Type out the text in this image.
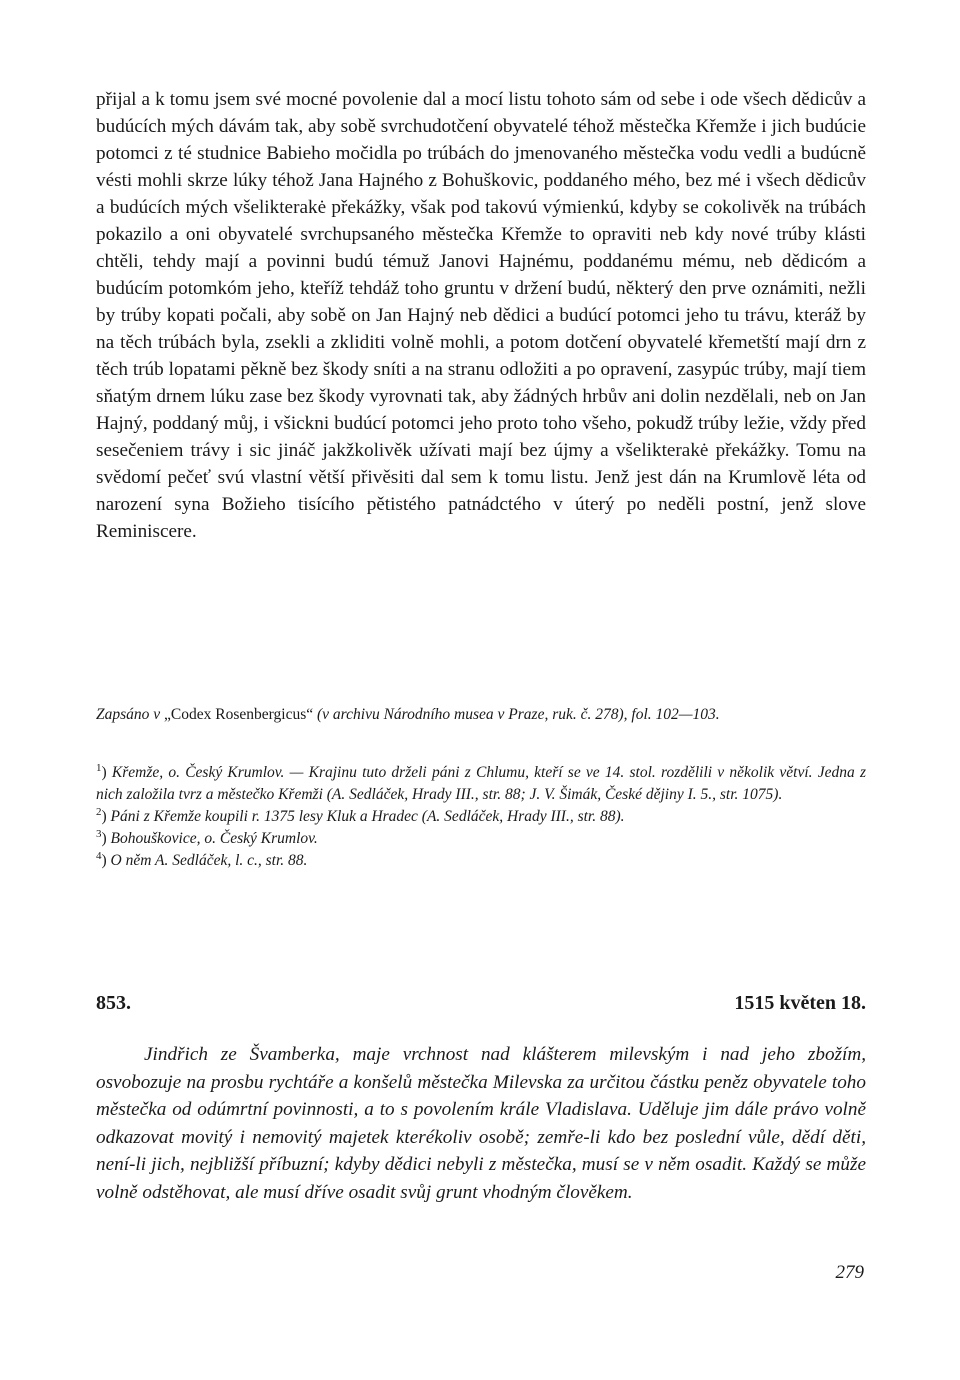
přijal a k tomu jsem své mocné povolenie dal a mocí listu tohoto sám od sebe i ode všech dědicův a budúcích mých dávám tak, aby sobě svrchudotčení obyvatelé téhož městečka Křemže i jich budúcie potomci z té studnice Babieho močidla po trúbách do jmenovaného městečka vodu vedli a budúcně vésti mohli skrze lúky téhož Jana Hajného z Bohuškovic, poddaného mého, bez mé i všech dědicův a budúcích mých všelikterakė překážky, však pod takovú výmienkú, kdyby se cokolivěk na trúbách pokazilo a oni obyvatelé svrchupsaného městečka Křemže to opraviti neb kdy nové trúby klásti chtěli, tehdy mají a povinni budú témuž Janovi Hajnému, poddanému mému, neb dědicóm a budúcím potomkóm jeho, kteříž tehdáž toho gruntu v držení budú, některý den prve oznámiti, nežli by trúby kopati počali, aby sobě on Jan Hajný neb dědici a budúcí potomci jeho tu trávu, kteráž by na těch trúbách byla, zsekli a zkliditi volně mohli, a potom dotčení obyvatelé křemetští mají drn z těch trúb lopatami pěkně bez škody sníti a na stranu odložiti a po opravení, zasypúc trúby, mají tiem sňatým drnem lúku zase bez škody vyrovnati tak, aby žádných hrbův ani dolin nezdělali, neb on Jan Hajný, poddaný můj, i všickni budúcí potomci jeho proto toho všeho, pokudž trúby ležie, vždy před sesečeniem trávy i sic jináč jakžkolivěk užívati mají bez újmy a všelikterakė překážky. Tomu na svědomí pečeť svú vlastní větší přivěsiti dal sem k tomu listu. Jenž jest dán na Krumlově léta od narození syna Božieho tisícího pětistého patnádctého v úterý po neděli postní, jenž slove Reminiscere.

Zapsáno v „Codex Rosenbergicus“ (v archivu Národního musea v Praze, ruk. č. 278), fol. 102—103.

$^1$) Křemže, o. Český Krumlov. — Krajinu tuto drželi páni z Chlumu, kteří se ve 14. stol. rozdělili v několik větví. Jedna z nich založila tvrz a městečko Křemži (A. Sedláček, Hrady III., str. 88; J. V. Šimák, České dějiny I. 5., str. 1075).

$^2$) Páni z Křemže koupili r. 1375 lesy Kluk a Hradec (A. Sedláček, Hrady III., str. 88).

$^3$) Bohouškovice, o. Český Krumlov.

$^4$) O něm A. Sedláček, l. c., str. 88.

853.	1515 květen 18.

Jindřich ze Švamberka, maje vrchnost nad klášterem milevským i nad jeho zbožím, osvobozuje na prosbu rychtáře a konšelů městečka Milevska za určitou částku peněz obyvatele toho městečka od odúmrtní povinnosti, a to s povolením krále Vladislava. Uděluje jim dále právo volně odkazovat movitý i nemovitý majetek kterékoliv osobě; zemře-li kdo bez poslední vůle, dědí děti, není-li jich, nejbližší příbuzní; kdyby dědici nebyli z městečka, musí se v něm osadit. Každý se může volně odstěhovat, ale musí dříve osadit svůj grunt vhodným člověkem.

279
